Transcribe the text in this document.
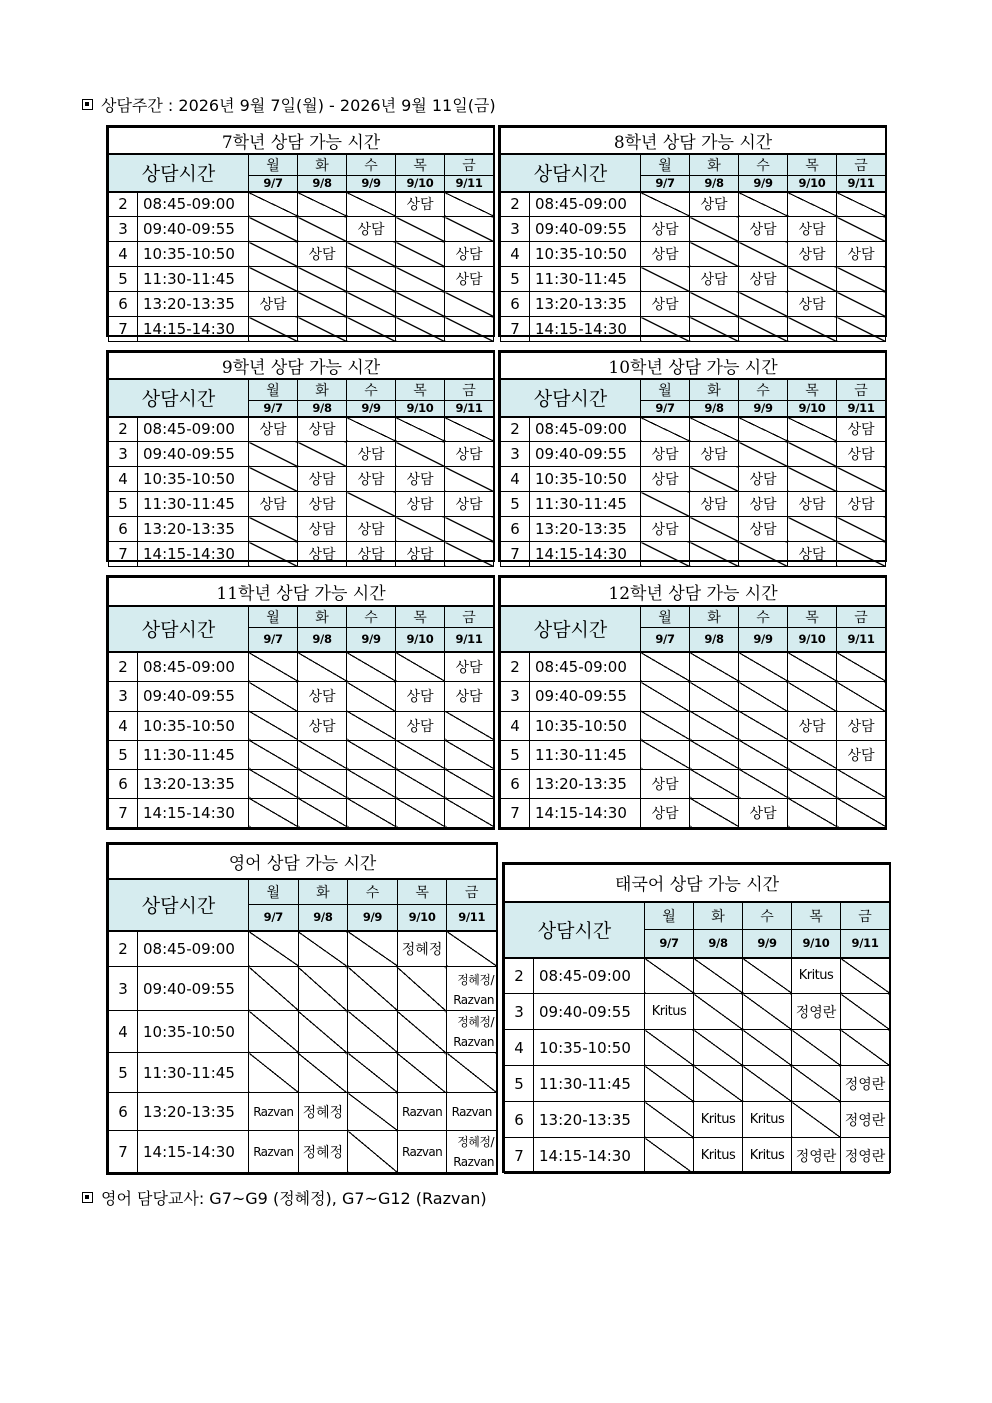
상담주간 : 2026년 9월 7일(월) - 2026년 9월 11일(금)
7학년 상담 가능 시간						
상담시간		월	화	수	목	금
		9/7	9/8	9/9	9/10	9/11
2	08:45-09:00				상담	
3	09:40-09:55			상담		
4	10:35-10:50		상담			상담
5	11:30-11:45					상담
6	13:20-13:35	상담				
7	14:15-14:30					
8학년 상담 가능 시간						
상담시간		월	화	수	목	금
		9/7	9/8	9/9	9/10	9/11
2	08:45-09:00		상담			
3	09:40-09:55	상담		상담	상담	
4	10:35-10:50	상담			상담	상담
5	11:30-11:45		상담	상담		
6	13:20-13:35	상담			상담	
7	14:15-14:30					
9학년 상담 가능 시간						
상담시간		월	화	수	목	금
		9/7	9/8	9/9	9/10	9/11
2	08:45-09:00	상담	상담			
3	09:40-09:55			상담		상담
4	10:35-10:50		상담	상담	상담	
5	11:30-11:45	상담	상담		상담	상담
6	13:20-13:35		상담	상담		
7	14:15-14:30		상담	상담	상담	
10학년 상담 가능 시간						
상담시간		월	화	수	목	금
		9/7	9/8	9/9	9/10	9/11
2	08:45-09:00					상담
3	09:40-09:55	상담	상담			상담
4	10:35-10:50	상담		상담		
5	11:30-11:45		상담	상담	상담	상담
6	13:20-13:35	상담		상담		
7	14:15-14:30				상담	
11학년 상담 가능 시간						
상담시간		월	화	수	목	금
		9/7	9/8	9/9	9/10	9/11
2	08:45-09:00					상담
3	09:40-09:55		상담		상담	상담
4	10:35-10:50		상담		상담	
5	11:30-11:45					
6	13:20-13:35					
7	14:15-14:30					
12학년 상담 가능 시간						
상담시간		월	화	수	목	금
		9/7	9/8	9/9	9/10	9/11
2	08:45-09:00					
3	09:40-09:55					
4	10:35-10:50				상담	상담
5	11:30-11:45					상담
6	13:20-13:35	상담				
7	14:15-14:30	상담		상담		
영어 상담 가능 시간						
상담시간		월	화	수	목	금
		9/7	9/8	9/9	9/10	9/11
2	08:45-09:00				정혜정	
3	09:40-09:55					정혜정/
Razvan

4	10:35-10:50					정혜정/
Razvan

5	11:30-11:45					
6	13:20-13:35	Razvan	정혜정		Razvan	Razvan
7	14:15-14:30	Razvan	정혜정		Razvan	정혜정/
Razvan
태국어 상담 가능 시간						
상담시간		월	화	수	목	금
		9/7	9/8	9/9	9/10	9/11
2	08:45-09:00				Kritus	
3	09:40-09:55	Kritus			정영란	
4	10:35-10:50					
5	11:30-11:45					정영란
6	13:20-13:35		Kritus	Kritus		정영란
7	14:15-14:30		Kritus	Kritus	정영란	정영란
영어 담당교사: G7~G9 (정혜정), G7~G12 (Razvan)
